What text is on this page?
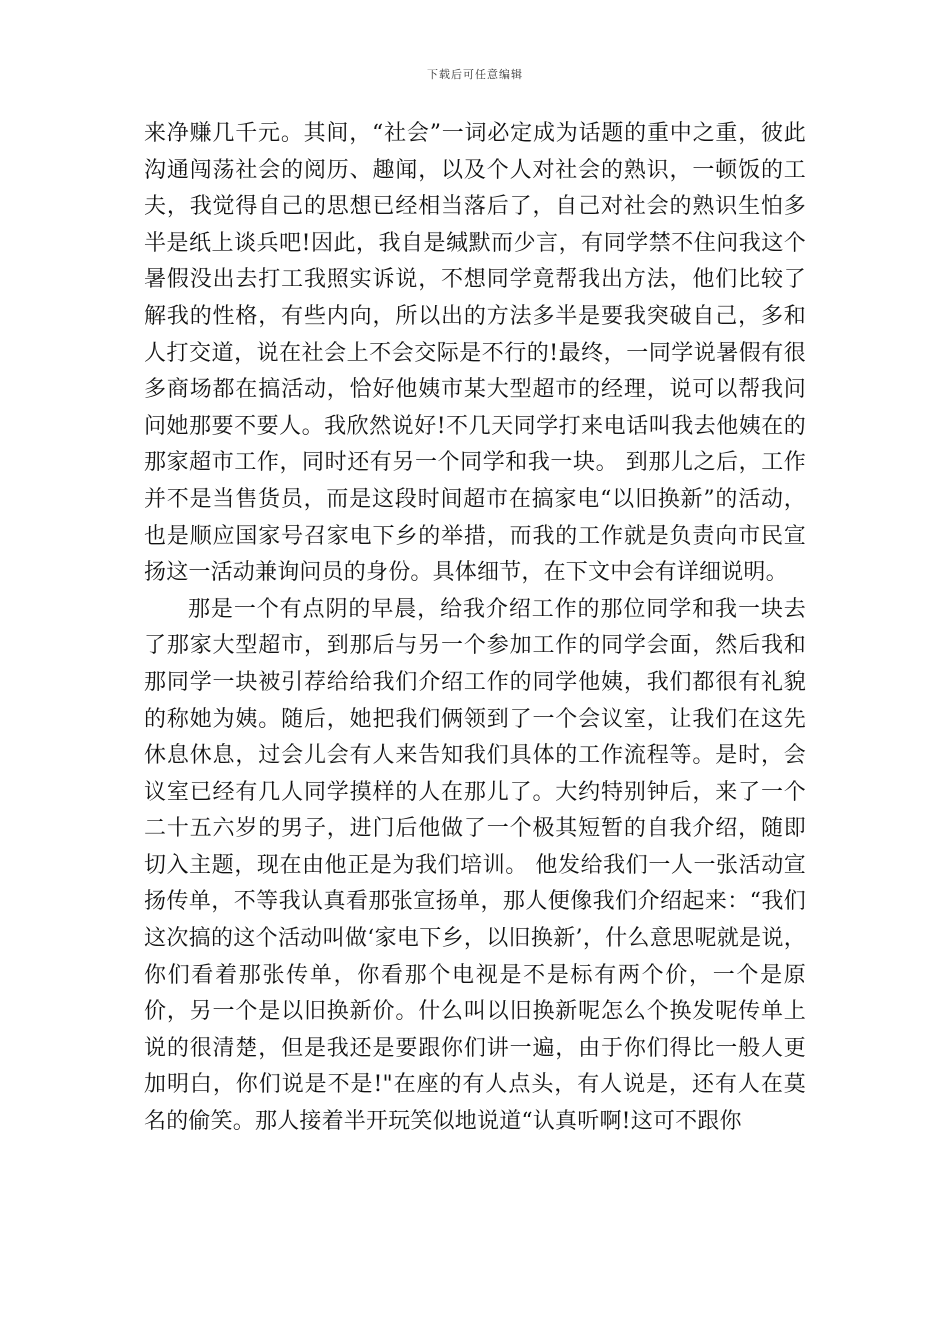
下载后可任意编辑

来净赚几千元。其间，“社会”一词必定成为话题的重中之重，彼此沟通闯荡社会的阅历、趣闻，以及个人对社会的熟识，一顿饭的工夫，我觉得自己的思想已经相当落后了，自己对社会的熟识生怕多半是纸上谈兵吧!因此，我自是缄默而少言，有同学禁不住问我这个暑假没出去打工我照实诉说，不想同学竟帮我出方法，他们比较了解我的性格，有些内向，所以出的方法多半是要我突破自己，多和人打交道，说在社会上不会交际是不行的!最终，一同学说暑假有很多商场都在搞活动，恰好他姨市某大型超市的经理，说可以帮我问问她那要不要人。我欣然说好!不几天同学打来电话叫我去他姨在的那家超市工作，同时还有另一个同学和我一块。 到那儿之后，工作并不是当售货员，而是这段时间超市在搞家电“以旧换新”的活动，也是顺应国家号召家电下乡的举措，而我的工作就是负责向市民宣扬这一活动兼询问员的身份。具体细节，在下文中会有详细说明。

那是一个有点阴的早晨，给我介绍工作的那位同学和我一块去了那家大型超市，到那后与另一个参加工作的同学会面，然后我和那同学一块被引荐给给我们介绍工作的同学他姨，我们都很有礼貌的称她为姨。随后，她把我们俩领到了一个会议室，让我们在这先休息休息，过会儿会有人来告知我们具体的工作流程等。是时，会议室已经有几人同学摸样的人在那儿了。大约特别钟后，来了一个二十五六岁的男子，进门后他做了一个极其短暂的自我介绍，随即切入主题，现在由他正是为我们培训。 他发给我们一人一张活动宣扬传单，不等我认真看那张宣扬单，那人便像我们介绍起来：“我们这次搞的这个活动叫做‘家电下乡，以旧换新’，什么意思呢就是说，你们看着那张传单，你看那个电视是不是标有两个价，一个是原价，另一个是以旧换新价。什么叫以旧换新呢怎么个换发呢传单上说的很清楚，但是我还是要跟你们讲一遍，由于你们得比一般人更加明白，你们说是不是!"在座的有人点头，有人说是，还有人在莫名的偷笑。那人接着半开玩笑似地说道“认真听啊!这可不跟你
